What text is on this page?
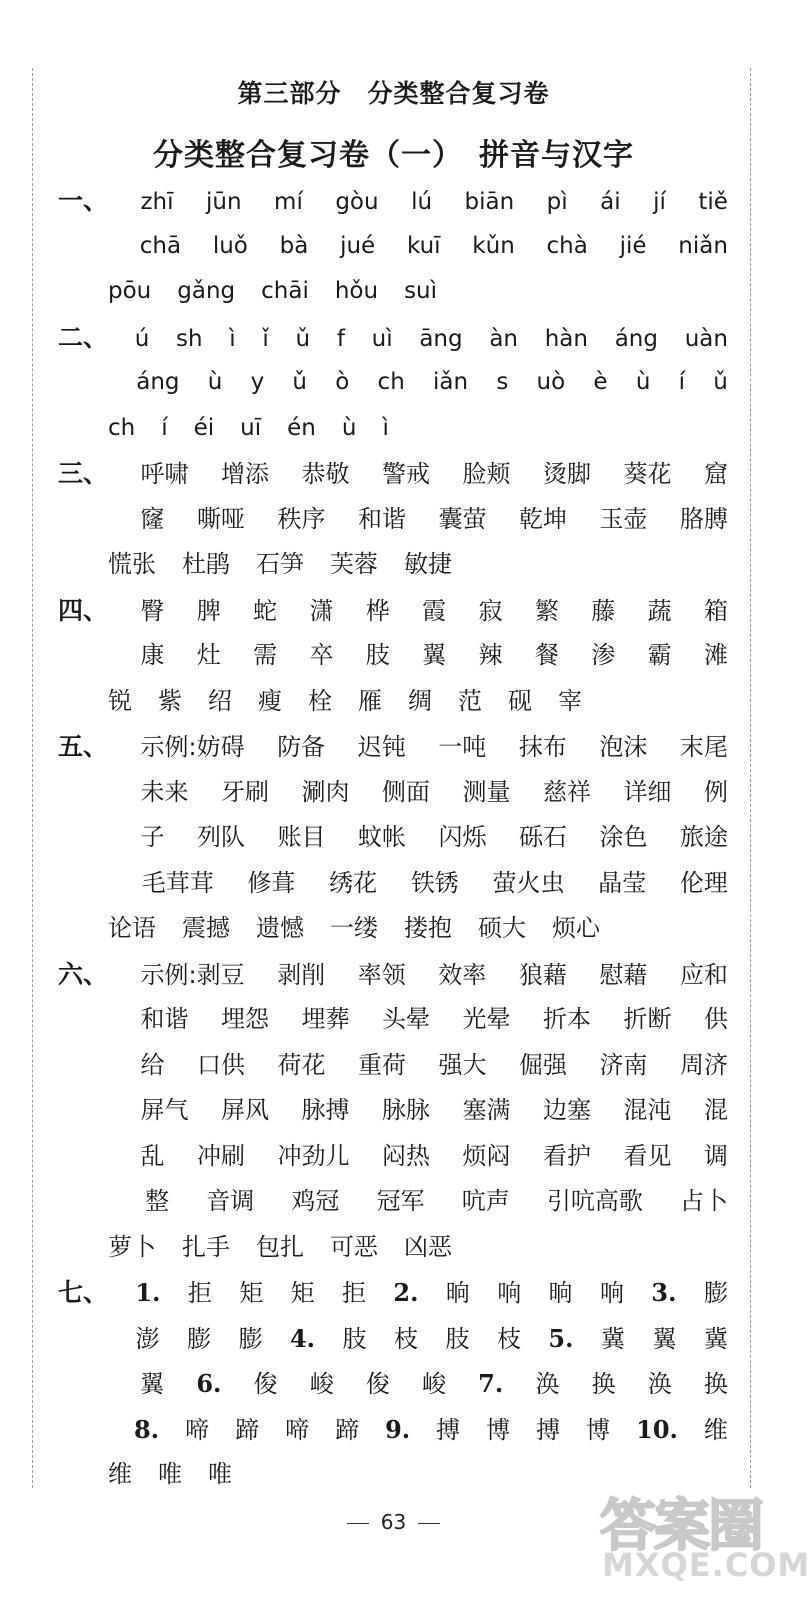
第三部分　分类整合复习卷
分类整合复习卷（一）　拼音与汉字
一、 zhī jūn mí gòu lú biān pì ái jí tiě
chā luǒ bà jué kuī kǔn chà jié niǎn
pōu gǎng chāi hǒu suì
二、 ú sh ì ǐ ǔ f uì āng àn hàn áng uàn
áng ù y ǔ ò ch iǎn s uò è ù í ǔ
ch í éi uī én ù ì
三、 呼啸 增添 恭敬 警戒 脸颊 烫脚 葵花 窟
窿 嘶哑 秩序 和谐 囊萤 乾坤 玉壶 胳膊
慌张 杜鹃 石笋 芙蓉 敏捷
四、 臀 脾 蛇 潇 桦 霞 寂 繁 藤 蔬 箱
康 灶 需 卒 肢 翼 辣 餐 渗 霸 滩
锐 紫 绍 瘦 栓 雁 绸 范 砚 宰
五、 示例:妨碍 防备 迟钝 一吨 抹布 泡沫 末尾
未来 牙刷 涮肉 侧面 测量 慈祥 详细 例
子 列队 账目 蚊帐 闪烁 砾石 涂色 旅途
毛茸茸 修葺 绣花 铁锈 萤火虫 晶莹 伦理
论语 震撼 遗憾 一缕 搂抱 硕大 烦心
六、 示例:剥豆 剥削 率领 效率 狼藉 慰藉 应和
和谐 埋怨 埋葬 头晕 光晕 折本 折断 供
给 口供 荷花 重荷 强大 倔强 济南 周济
屏气 屏风 脉搏 脉脉 塞满 边塞 混沌 混
乱 冲刷 冲劲儿 闷热 烦闷 看护 看见 调
整 音调 鸡冠 冠军 吭声 引吭高歌 占卜
萝卜 扎手 包扎 可恶 凶恶
七、 1. 拒 矩 矩 拒 2. 晌 响 晌 响 3. 膨
澎 膨 膨 4. 肢 枝 肢 枝 5. 冀 翼 冀
翼 6. 俊 峻 俊 峻 7. 涣 换 涣 换
8. 啼 蹄 啼 蹄 9. 搏 博 搏 博 10. 维
维 唯 唯
63	答案圈
MXQE.COM
